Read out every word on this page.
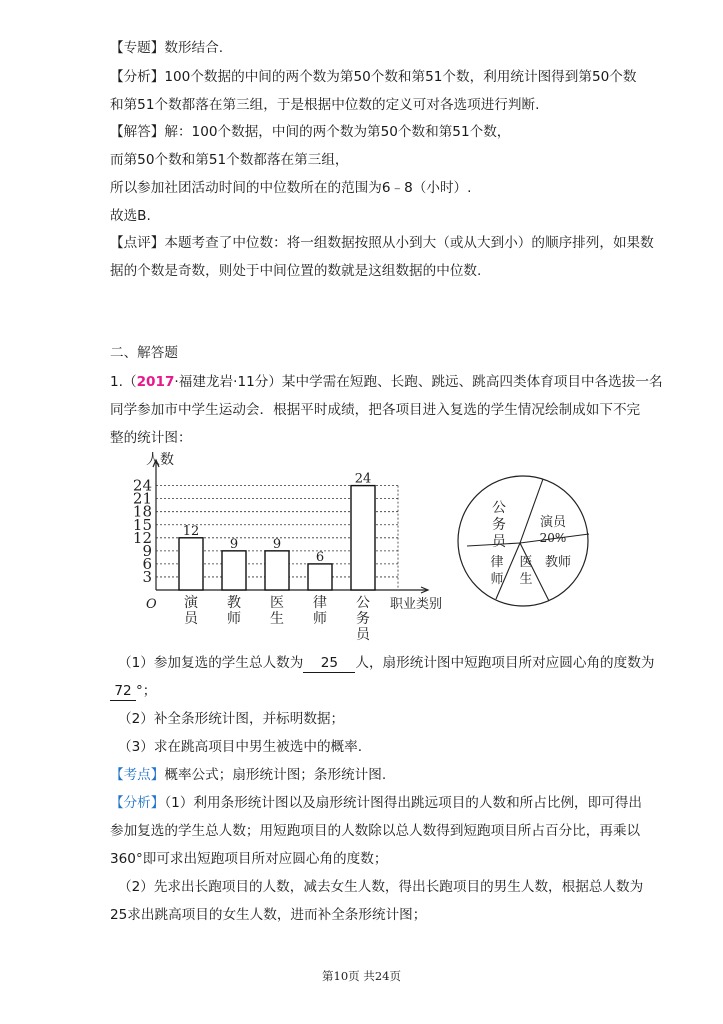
【专题】数形结合.
【分析】100个数据的中间的两个数为第50个数和第51个数，利用统计图得到第50个数
和第51个数都落在第三组，于是根据中位数的定义可对各选项进行判断.
【解答】解：100个数据，中间的两个数为第50个数和第51个数，
而第50个数和第51个数都落在第三组，
所以参加社团活动时间的中位数所在的范围为6﹣8（小时）.
故选B.
【点评】本题考查了中位数：将一组数据按照从小到大（或从大到小）的顺序排列，如果数
据的个数是奇数，则处于中间位置的数就是这组数据的中位数.
二、解答题
1.（2017·福建龙岩·11分）某中学需在短跑、长跑、跳远、跳高四类体育项目中各选拔一名
同学参加市中学生运动会．根据平时成绩，把各项目进入复选的学生情况绘制成如下不完
整的统计图：
3
6
9
12
15
18
21
24
人数
O	职业类别
12
演
员
9
教
师
9
医
生
6
律
师
24
公
务
员
公
务
员
演员
20%
教师
医
生
律
师
（1）参加复选的学生总人数为 25 人，扇形统计图中短跑项目所对应圆心角的度数为
72 °；
（2）补全条形统计图，并标明数据；
（3）求在跳高项目中男生被选中的概率.
【考点】概率公式；扇形统计图；条形统计图.
【分析】（1）利用条形统计图以及扇形统计图得出跳远项目的人数和所占比例，即可得出
参加复选的学生总人数；用短跑项目的人数除以总人数得到短跑项目所占百分比，再乘以
360°即可求出短跑项目所对应圆心角的度数；
（2）先求出长跑项目的人数，减去女生人数，得出长跑项目的男生人数，根据总人数为
25求出跳高项目的女生人数，进而补全条形统计图；
第10页 共24页
